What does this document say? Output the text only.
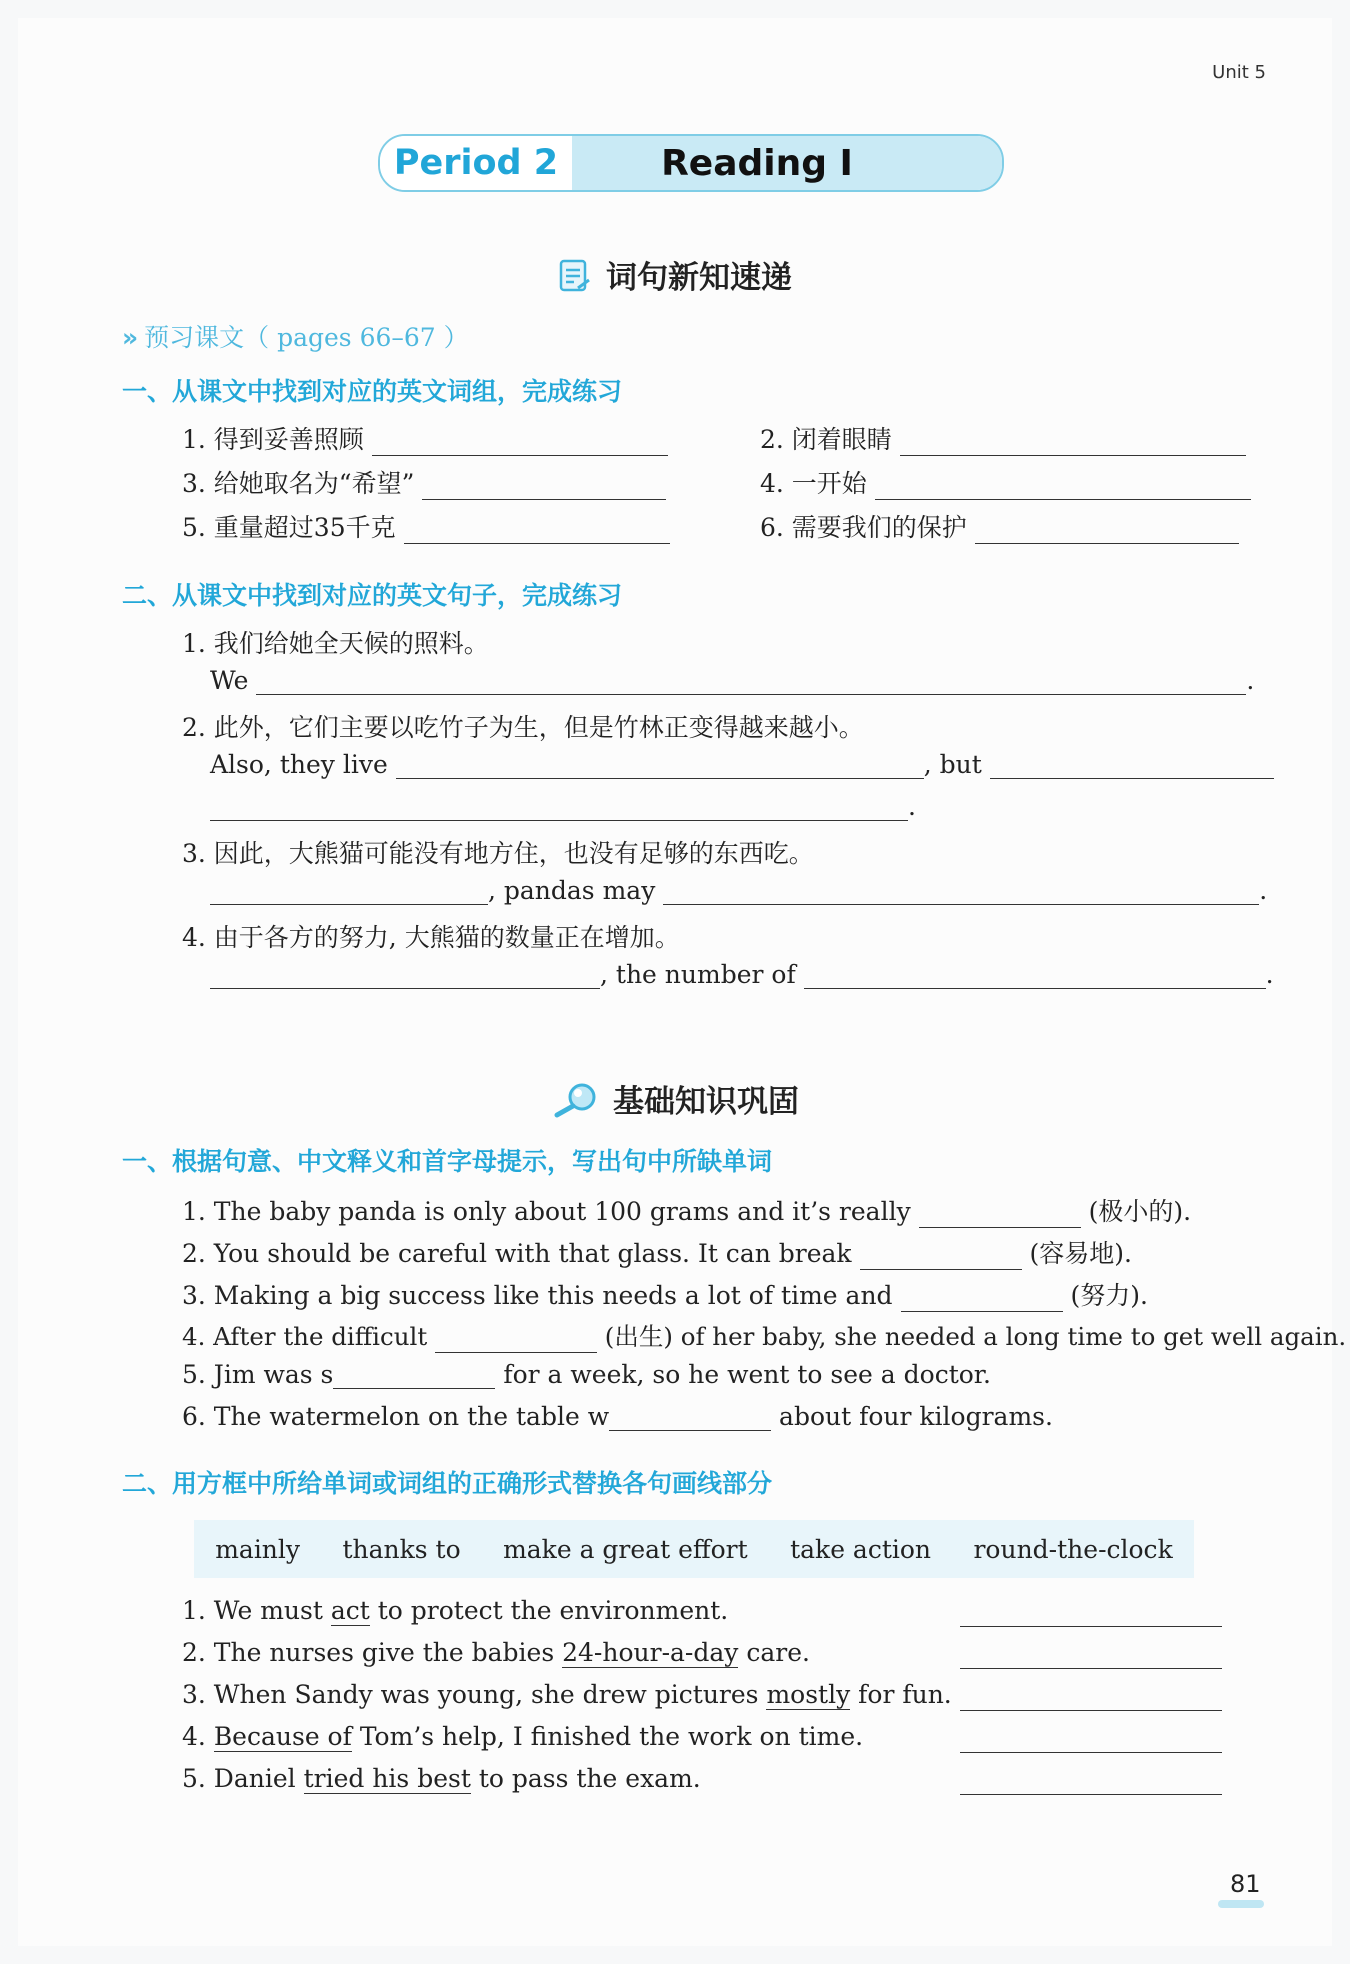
Unit 5
Period 2	Reading I
词句新知速递
» 预习课文（ pages 66–67 ）
一、从课文中找到对应的英文词组，完成练习
1. 得到妥善照顾	2. 闭着眼睛
3. 给她取名为“希望”	4. 一开始
5. 重量超过35千克	6. 需要我们的保护
二、从课文中找到对应的英文句子，完成练习
1. 我们给她全天候的照料。
We	.
2. 此外，它们主要以吃竹子为生，但是竹林正变得越来越小。
Also, they live	, but
.
3. 因此，大熊猫可能没有地方住，也没有足够的东西吃。
, pandas may	.
4. 由于各方的努力, 大熊猫的数量正在增加。
, the number of	.
基础知识巩固
一、根据句意、中文释义和首字母提示，写出句中所缺单词
1. The baby panda is only about 100 grams and it’s really	(极小的).
2. You should be careful with that glass. It can break	(容易地).
3. Making a big success like this needs a lot of time and	(努力).
4. After the difficult	(出生) of her baby, she needed a long time to get well again.
5. Jim was s	for a week, so he went to see a doctor.
6. The watermelon on the table w	about four kilograms.
二、用方框中所给单词或词组的正确形式替换各句画线部分
mainly thanks to make a great effort take action round-the-clock
1. We must act to protect the environment.
2. The nurses give the babies 24-hour-a-day care.
3. When Sandy was young, she drew pictures mostly for fun.
4. Because of Tom’s help, I finished the work on time.
5. Daniel tried his best to pass the exam.
81
